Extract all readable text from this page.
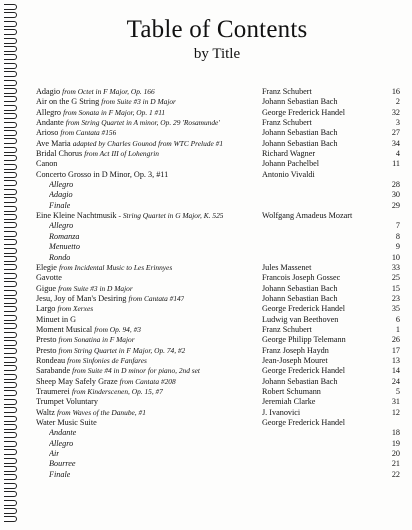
Table of Contents
by Title
Adagio from Octet in F Major, Op. 166	Franz Schubert	16
Air on the G String from Suite #3 in D Major	Johann Sebastian Bach	2
Allegro from Sonata in F Major, Op. 1 #11	George Frederick Handel	32
Andante from String Quartet in A minor, Op. 29 'Rosamunde'	Franz Schubert	3
Arioso from Cantata #156	Johann Sebastian Bach	27
Ave Maria adapted by Charles Gounod from WTC Prelude #1	Johann Sebastian Bach	34
Bridal Chorus from Act III of Lohengrin	Richard Wagner	4
Canon	Johann Pachelbel	11
Concerto Grosso in D Minor, Op. 3, #11	Antonio Vivaldi
Allegro	28
Adagio	30
Finale	29
Eine Kleine Nachtmusik - String Quartet in G Major, K. 525	Wolfgang Amadeus Mozart
Allegro	7
Romanza	8
Menuetto	9
Rondo	10
Elegie from Incidental Music to Les Erinnyes	Jules Massenet	33
Gavotte	Francois Joseph Gossec	25
Gigue from Suite #3 in D Major	Johann Sebastian Bach	15
Jesu, Joy of Man's Desiring from Cantata #147	Johann Sebastian Bach	23
Largo from Xerxes	George Frederick Handel	35
Minuet in G	Ludwig van Beethoven	6
Moment Musical from Op. 94, #3	Franz Schubert	1
Presto from Sonatina in F Major	George Philipp Telemann	26
Presto from String Quartet in F Major, Op. 74, #2	Franz Joseph Haydn	17
Rondeau from Sinfonies de Fanfares	Jean-Joseph Mouret	13
Sarabande from Suite #4 in D minor for piano, 2nd set	George Frederick Handel	14
Sheep May Safely Graze from Cantata #208	Johann Sebastian Bach	24
Traumerei from Kinderscenen, Op. 15, #7	Robert Schumann	5
Trumpet Voluntary	Jeremiah Clarke	31
Waltz from Waves of the Danube, #1	J. Ivanovici	12
Water Music Suite	George Frederick Handel
Andante	18
Allegro	19
Air	20
Bourree	21
Finale	22
